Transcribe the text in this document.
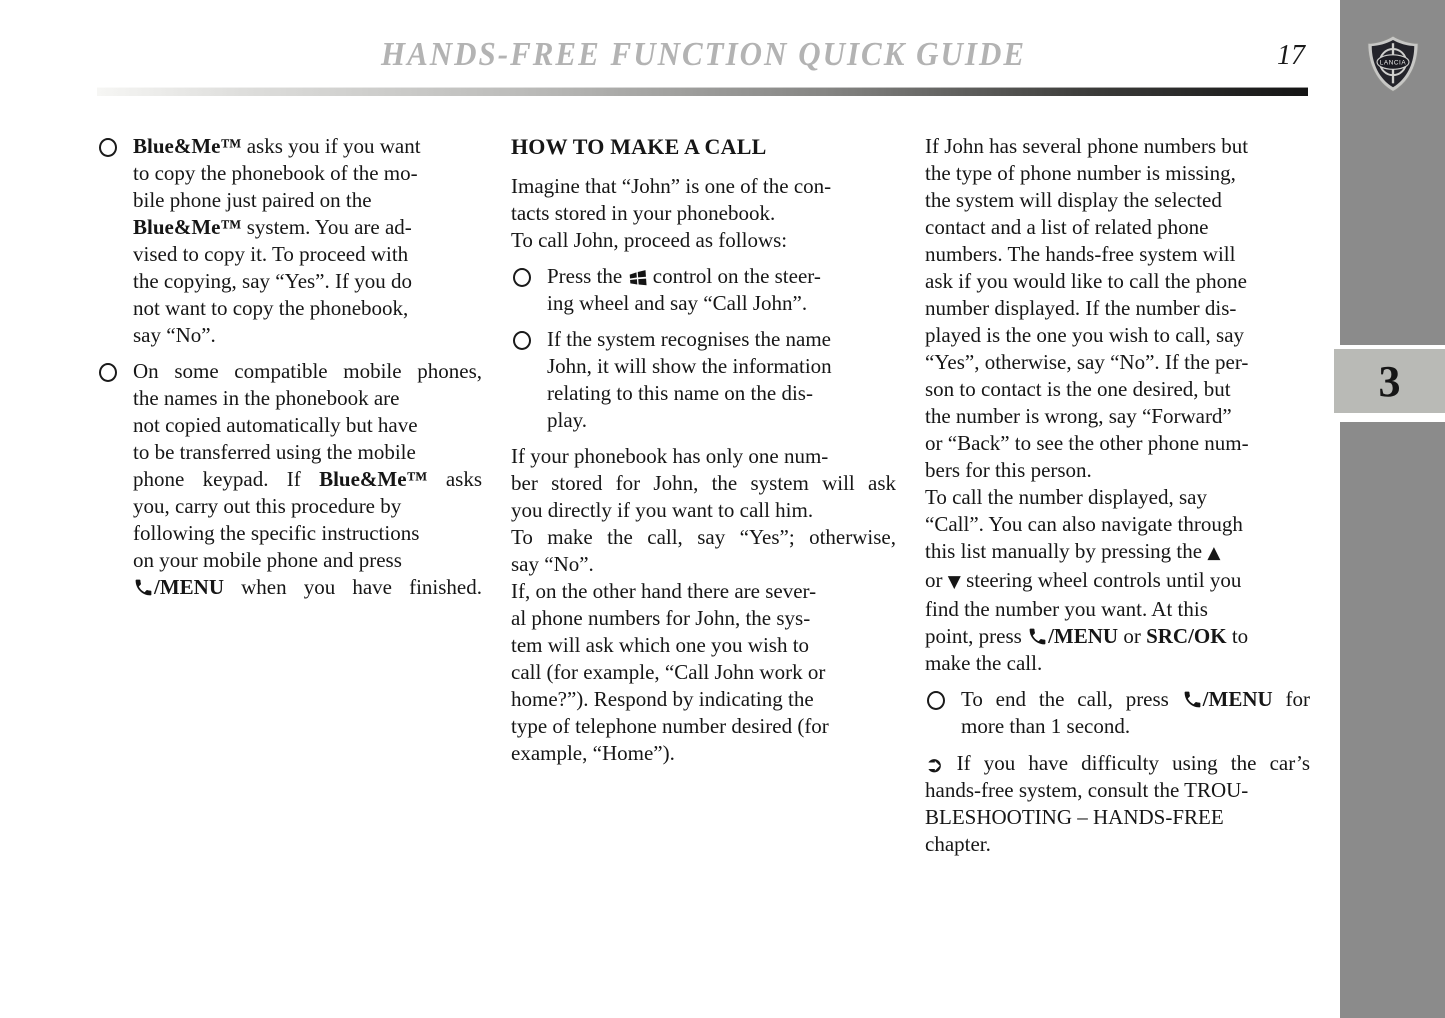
HANDS-FREE FUNCTION QUICK GUIDE	17
Blue&Me™ asks you if you want
to copy the phonebook of the mo-
bile phone just paired on the
Blue&Me™ system. You are ad-
vised to copy it. To proceed with
the copying, say “Yes”. If you do
not want to copy the phonebook,
say “No”.
On some compatible mobile phones,
the names in the phonebook are
not copied automatically but have
to be transferred using the mobile
phone keypad. If Blue&Me™ asks
you, carry out this procedure by
following the specific instructions
on your mobile phone and press
/MENU when you have finished.
HOW TO MAKE A CALL
Imagine that “John” is one of the con-
tacts stored in your phonebook.
To call John, proceed as follows:
Press the  control on the steer-
ing wheel and say “Call John”.
If the system recognises the name
John, it will show the information
relating to this name on the dis-
play.
If your phonebook has only one num-
ber stored for John, the system will ask
you directly if you want to call him.
To make the call, say “Yes”; otherwise,
say “No”.
If, on the other hand there are sever-
al phone numbers for John, the sys-
tem will ask which one you wish to
call (for example, “Call John work or
home?”). Respond by indicating the
type of telephone number desired (for
example, “Home”).
If John has several phone numbers but
the type of phone number is missing,
the system will display the selected
contact and a list of related phone
numbers. The hands-free system will
ask if you would like to call the phone
number displayed. If the number dis-
played is the one you wish to call, say
“Yes”, otherwise, say “No”. If the per-
son to contact is the one desired, but
the number is wrong, say “Forward”
or “Back” to see the other phone num-
bers for this person.
To call the number displayed, say
“Call”. You can also navigate through
this list manually by pressing the ▲
or ▼ steering wheel controls until you
find the number you want. At this
point, press /MENU or SRC/OK to
make the call.
To end the call, press /MENU for
more than 1 second.
➲ If you have difficulty using the car’s
hands-free system, consult the TROU-
BLESHOOTING – HANDS-FREE
chapter.
LANCIA
3
